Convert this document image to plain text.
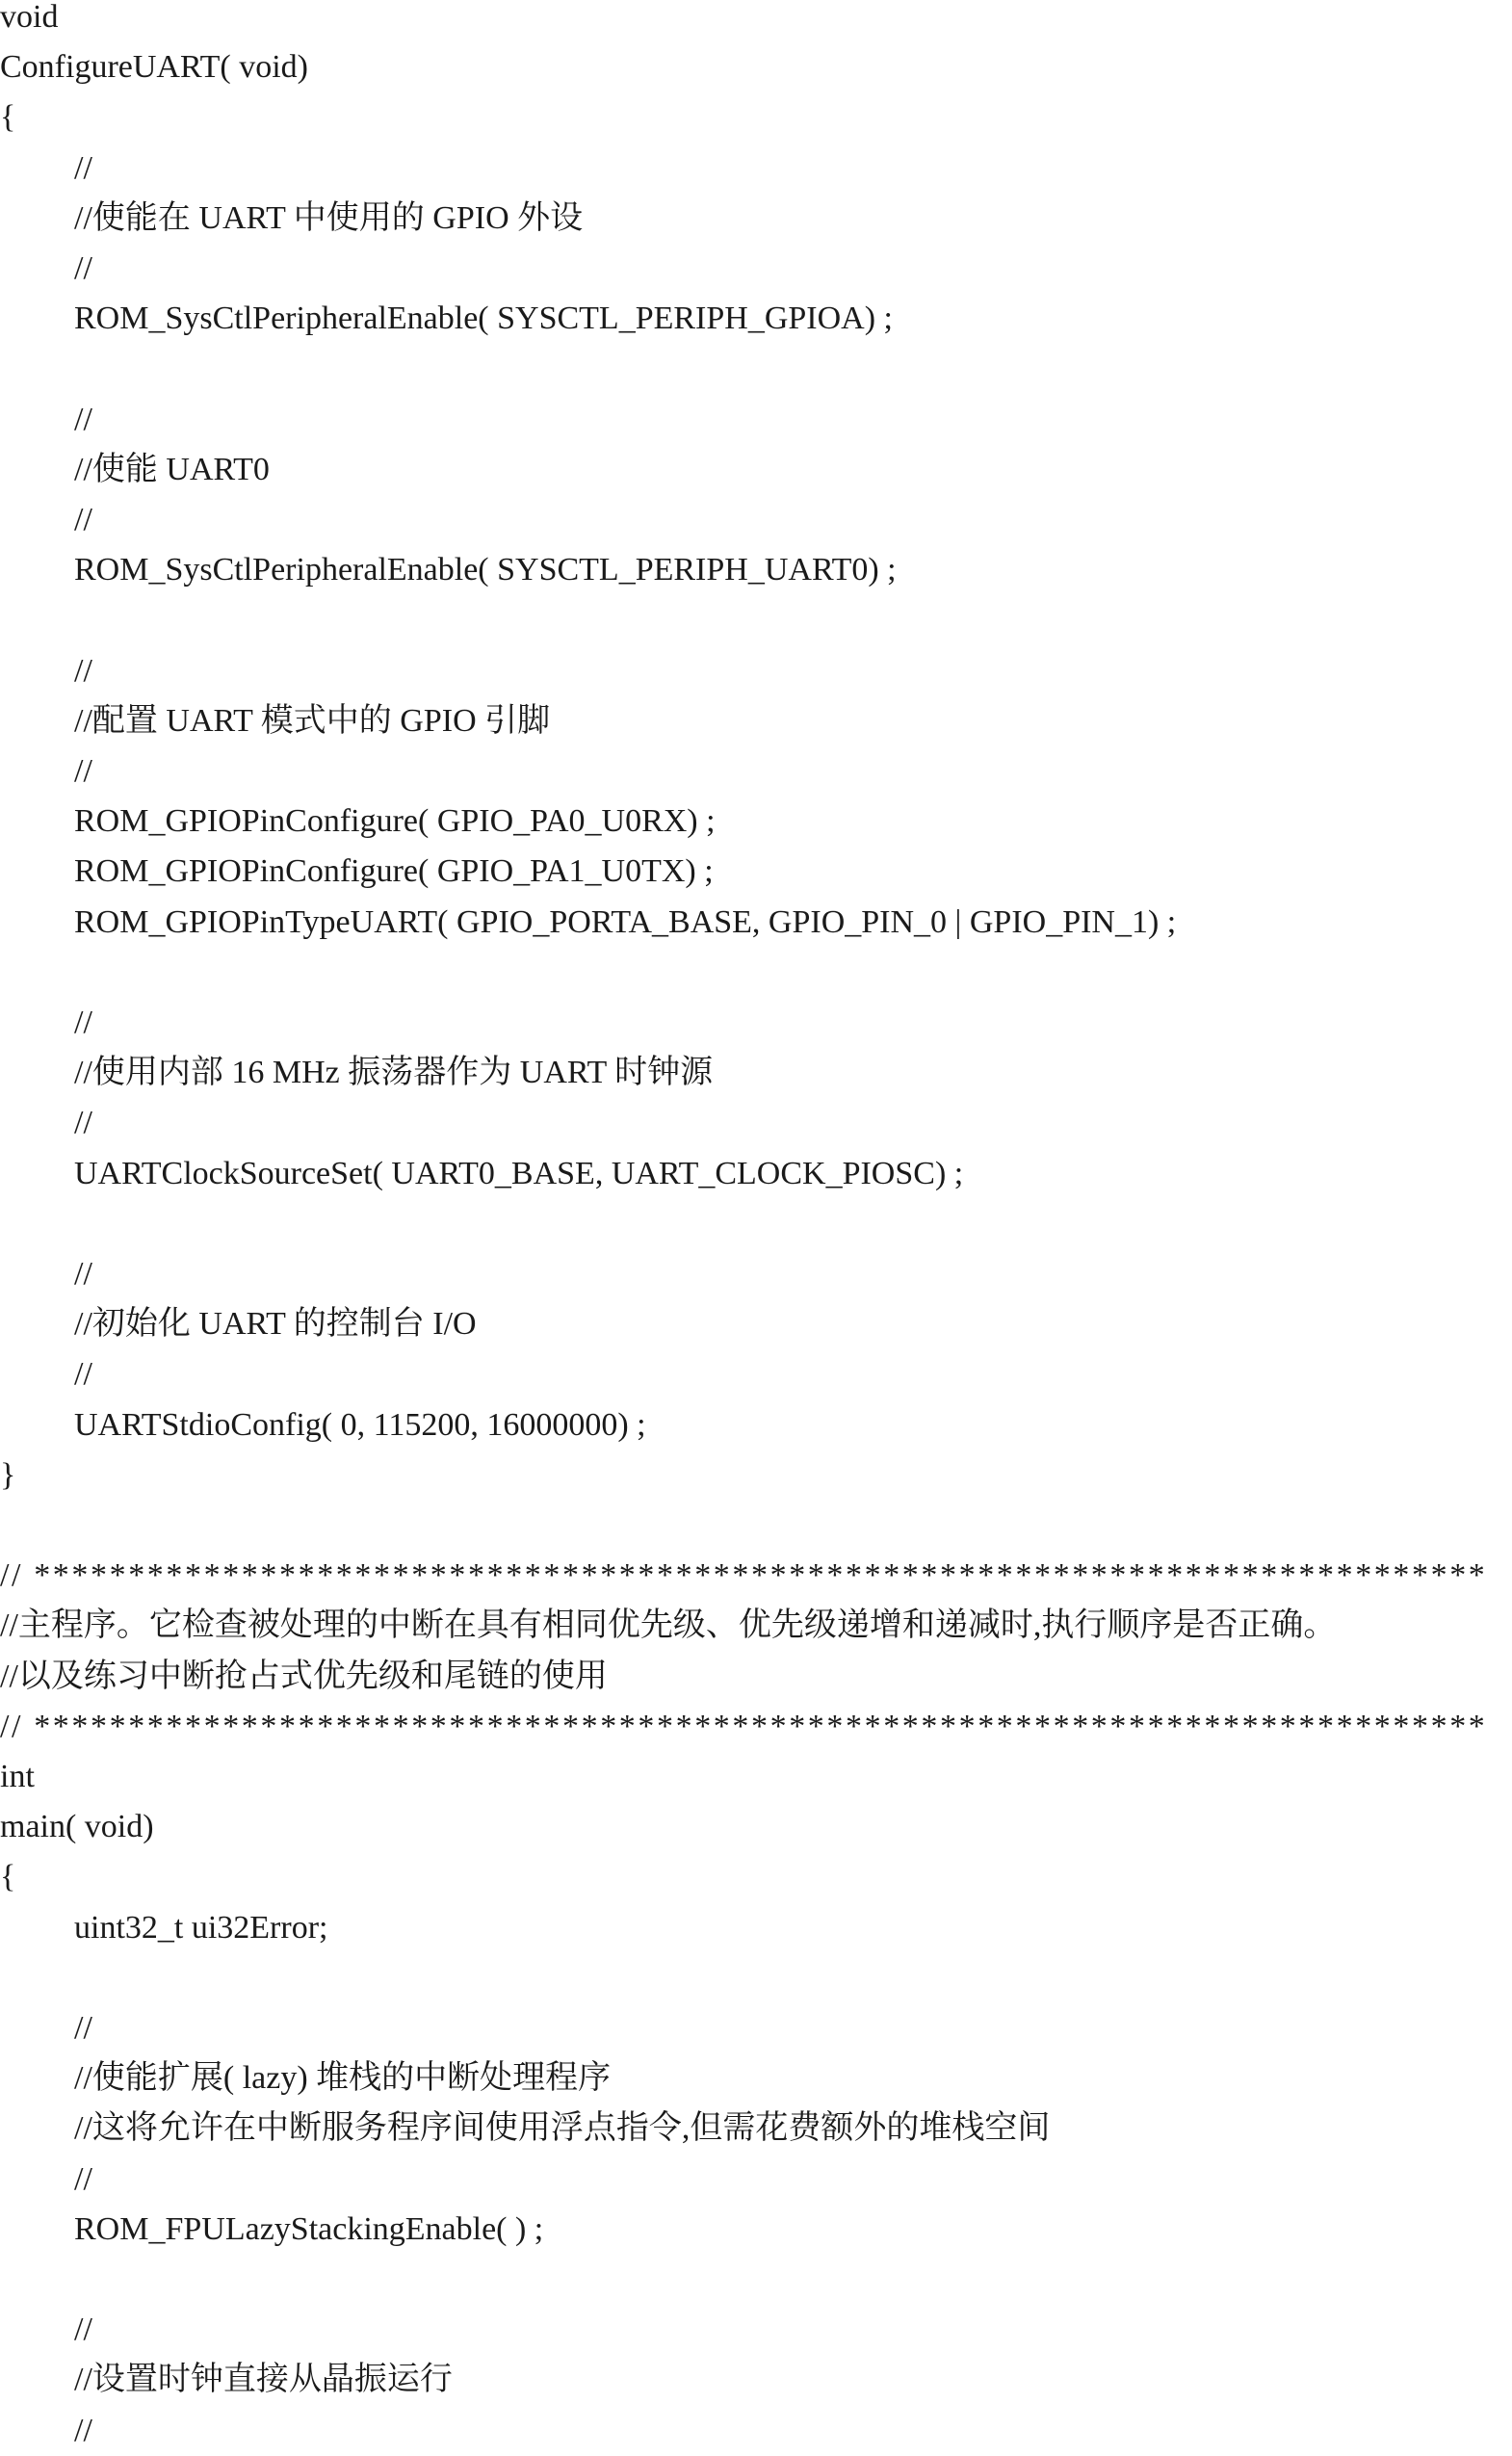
void
ConfigureUART( void)
{
//
//使能在 UART 中使用的 GPIO 外设
//
ROM_SysCtlPeripheralEnable( SYSCTL_PERIPH_GPIOA) ;
//
//使能 UART0
//
ROM_SysCtlPeripheralEnable( SYSCTL_PERIPH_UART0) ;
//
//配置 UART 模式中的 GPIO 引脚
//
ROM_GPIOPinConfigure( GPIO_PA0_U0RX) ;
ROM_GPIOPinConfigure( GPIO_PA1_U0TX) ;
ROM_GPIOPinTypeUART( GPIO_PORTA_BASE, GPIO_PIN_0 | GPIO_PIN_1) ;
//
//使用内部 16 MHz 振荡器作为 UART 时钟源
//
UARTClockSourceSet( UART0_BASE, UART_CLOCK_PIOSC) ;
//
//初始化 UART 的控制台 I/O
//
UARTStdioConfig( 0, 115200, 16000000) ;
}
// *****************************************************************************
//主程序。它检查被处理的中断在具有相同优先级、优先级递增和递减时,执行顺序是否正确。
//以及练习中断抢占式优先级和尾链的使用
// *****************************************************************************
int
main( void)
{
uint32_t ui32Error;
//
//使能扩展( lazy) 堆栈的中断处理程序
//这将允许在中断服务程序间使用浮点指令,但需花费额外的堆栈空间
//
ROM_FPULazyStackingEnable( ) ;
//
//设置时钟直接从晶振运行
//
